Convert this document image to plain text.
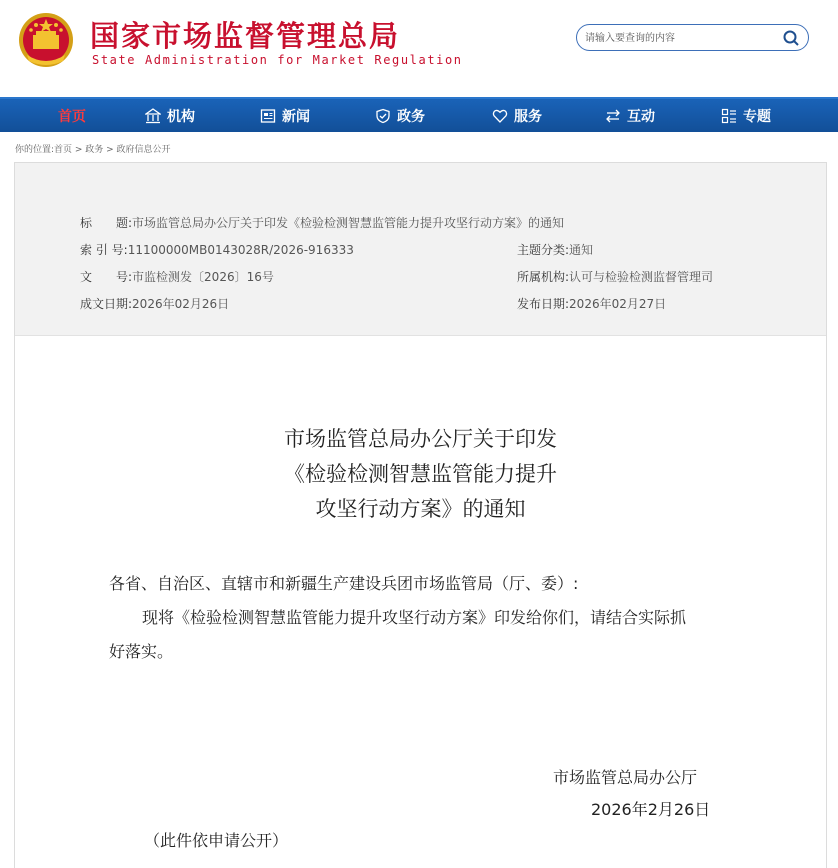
国家市场监督管理总局
State Administration for Market Regulation
请输入要查询的内容
首页	机构	新闻	政务	服务	互动	专题
你的位置:首页 > 政务 > 政府信息公开
标　　题:市场监管总局办公厅关于印发《检验检测智慧监管能力提升攻坚行动方案》的通知
索 引 号:11100000MB0143028R/2026-916333	主题分类:通知
文　　号:市监检测发〔2026〕16号	所属机构:认可与检验检测监督管理司
成文日期:2026年02月26日	发布日期:2026年02月27日
市场监管总局办公厅关于印发
《检验检测智慧监管能力提升
攻坚行动方案》的通知
各省、自治区、直辖市和新疆生产建设兵团市场监管局（厅、委）:
现将《检验检测智慧监管能力提升攻坚行动方案》印发给你们，请结合实际抓
好落实。
市场监管总局办公厅
2026年2月26日
（此件依申请公开）
